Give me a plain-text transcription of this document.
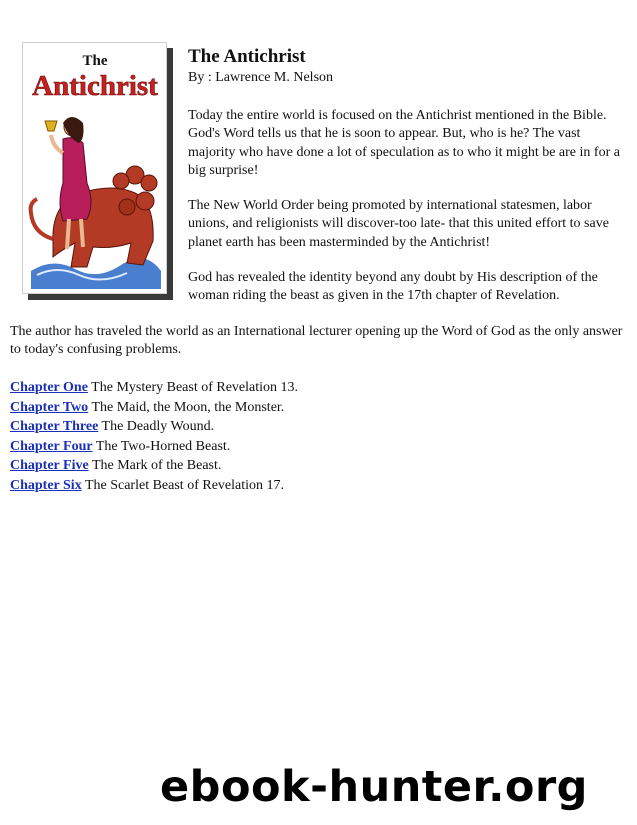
The
Antichrist
The Antichrist
By : Lawrence M. Nelson

Today the entire world is focused on the Antichrist mentioned in the Bible. God's Word tells us that he is soon to appear. But, who is he? The vast majority who have done a lot of speculation as to who it might be are in for a big surprise!

The New World Order being promoted by international statesmen, labor unions, and religionists will discover-too late- that this united effort to save planet earth has been masterminded by the Antichrist!

God has revealed the identity beyond any doubt by His description of the woman riding the beast as given in the 17th chapter of Revelation.

The author has traveled the world as an International lecturer opening up the Word of God as the only answer to today's confusing problems.

Chapter One The Mystery Beast of Revelation 13.
Chapter Two The Maid, the Moon, the Monster.
Chapter Three The Deadly Wound.
Chapter Four The Two-Horned Beast.
Chapter Five The Mark of the Beast.
Chapter Six The Scarlet Beast of Revelation 17.
ebook-hunter.org
